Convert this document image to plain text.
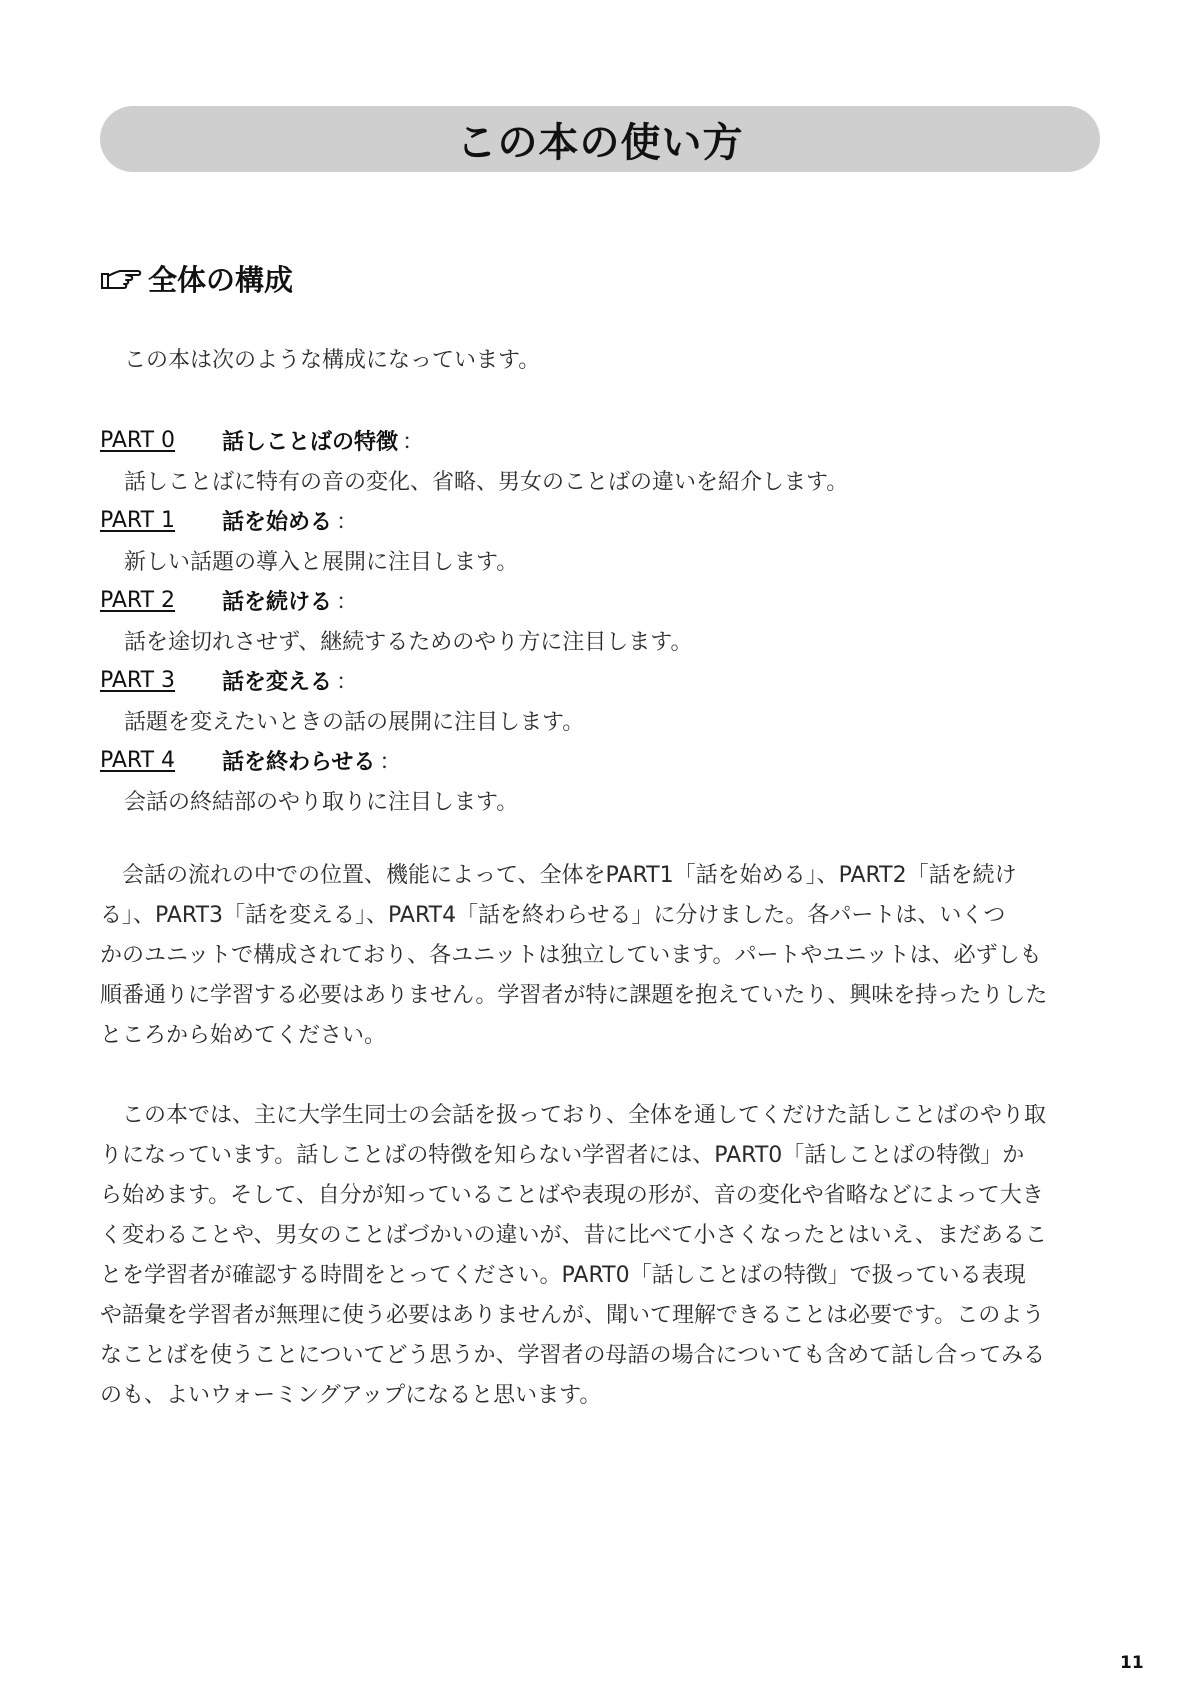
この本の使い方
全体の構成
この本は次のような構成になっています。
PART 0	話しことばの特徴 ：
話しことばに特有の音の変化、省略、男女のことばの違いを紹介します。
PART 1	話を始める ：
新しい話題の導入と展開に注目します。
PART 2	話を続ける ：
話を途切れさせず、継続するためのやり方に注目します。
PART 3	話を変える ：
話題を変えたいときの話の展開に注目します。
PART 4	話を終わらせる ：
会話の終結部のやり取りに注目します。
　会話の流れの中での位置、機能によって、全体をPART1「話を始める」、PART2「話を続け
る」、PART3「話を変える」、PART4「話を終わらせる」に分けました。各パートは、いくつ
かのユニットで構成されており、各ユニットは独立しています。パートやユニットは、必ずしも
順番通りに学習する必要はありません。学習者が特に課題を抱えていたり、興味を持ったりした
ところから始めてください。
　この本では、主に大学生同士の会話を扱っており、全体を通してくだけた話しことばのやり取
りになっています。話しことばの特徴を知らない学習者には、PART0「話しことばの特徴」か
ら始めます。そして、自分が知っていることばや表現の形が、音の変化や省略などによって大き
く変わることや、男女のことばづかいの違いが、昔に比べて小さくなったとはいえ、まだあるこ
とを学習者が確認する時間をとってください。PART0「話しことばの特徴」で扱っている表現
や語彙を学習者が無理に使う必要はありませんが、聞いて理解できることは必要です。このよう
なことばを使うことについてどう思うか、学習者の母語の場合についても含めて話し合ってみる
のも、よいウォーミングアップになると思います。
11
